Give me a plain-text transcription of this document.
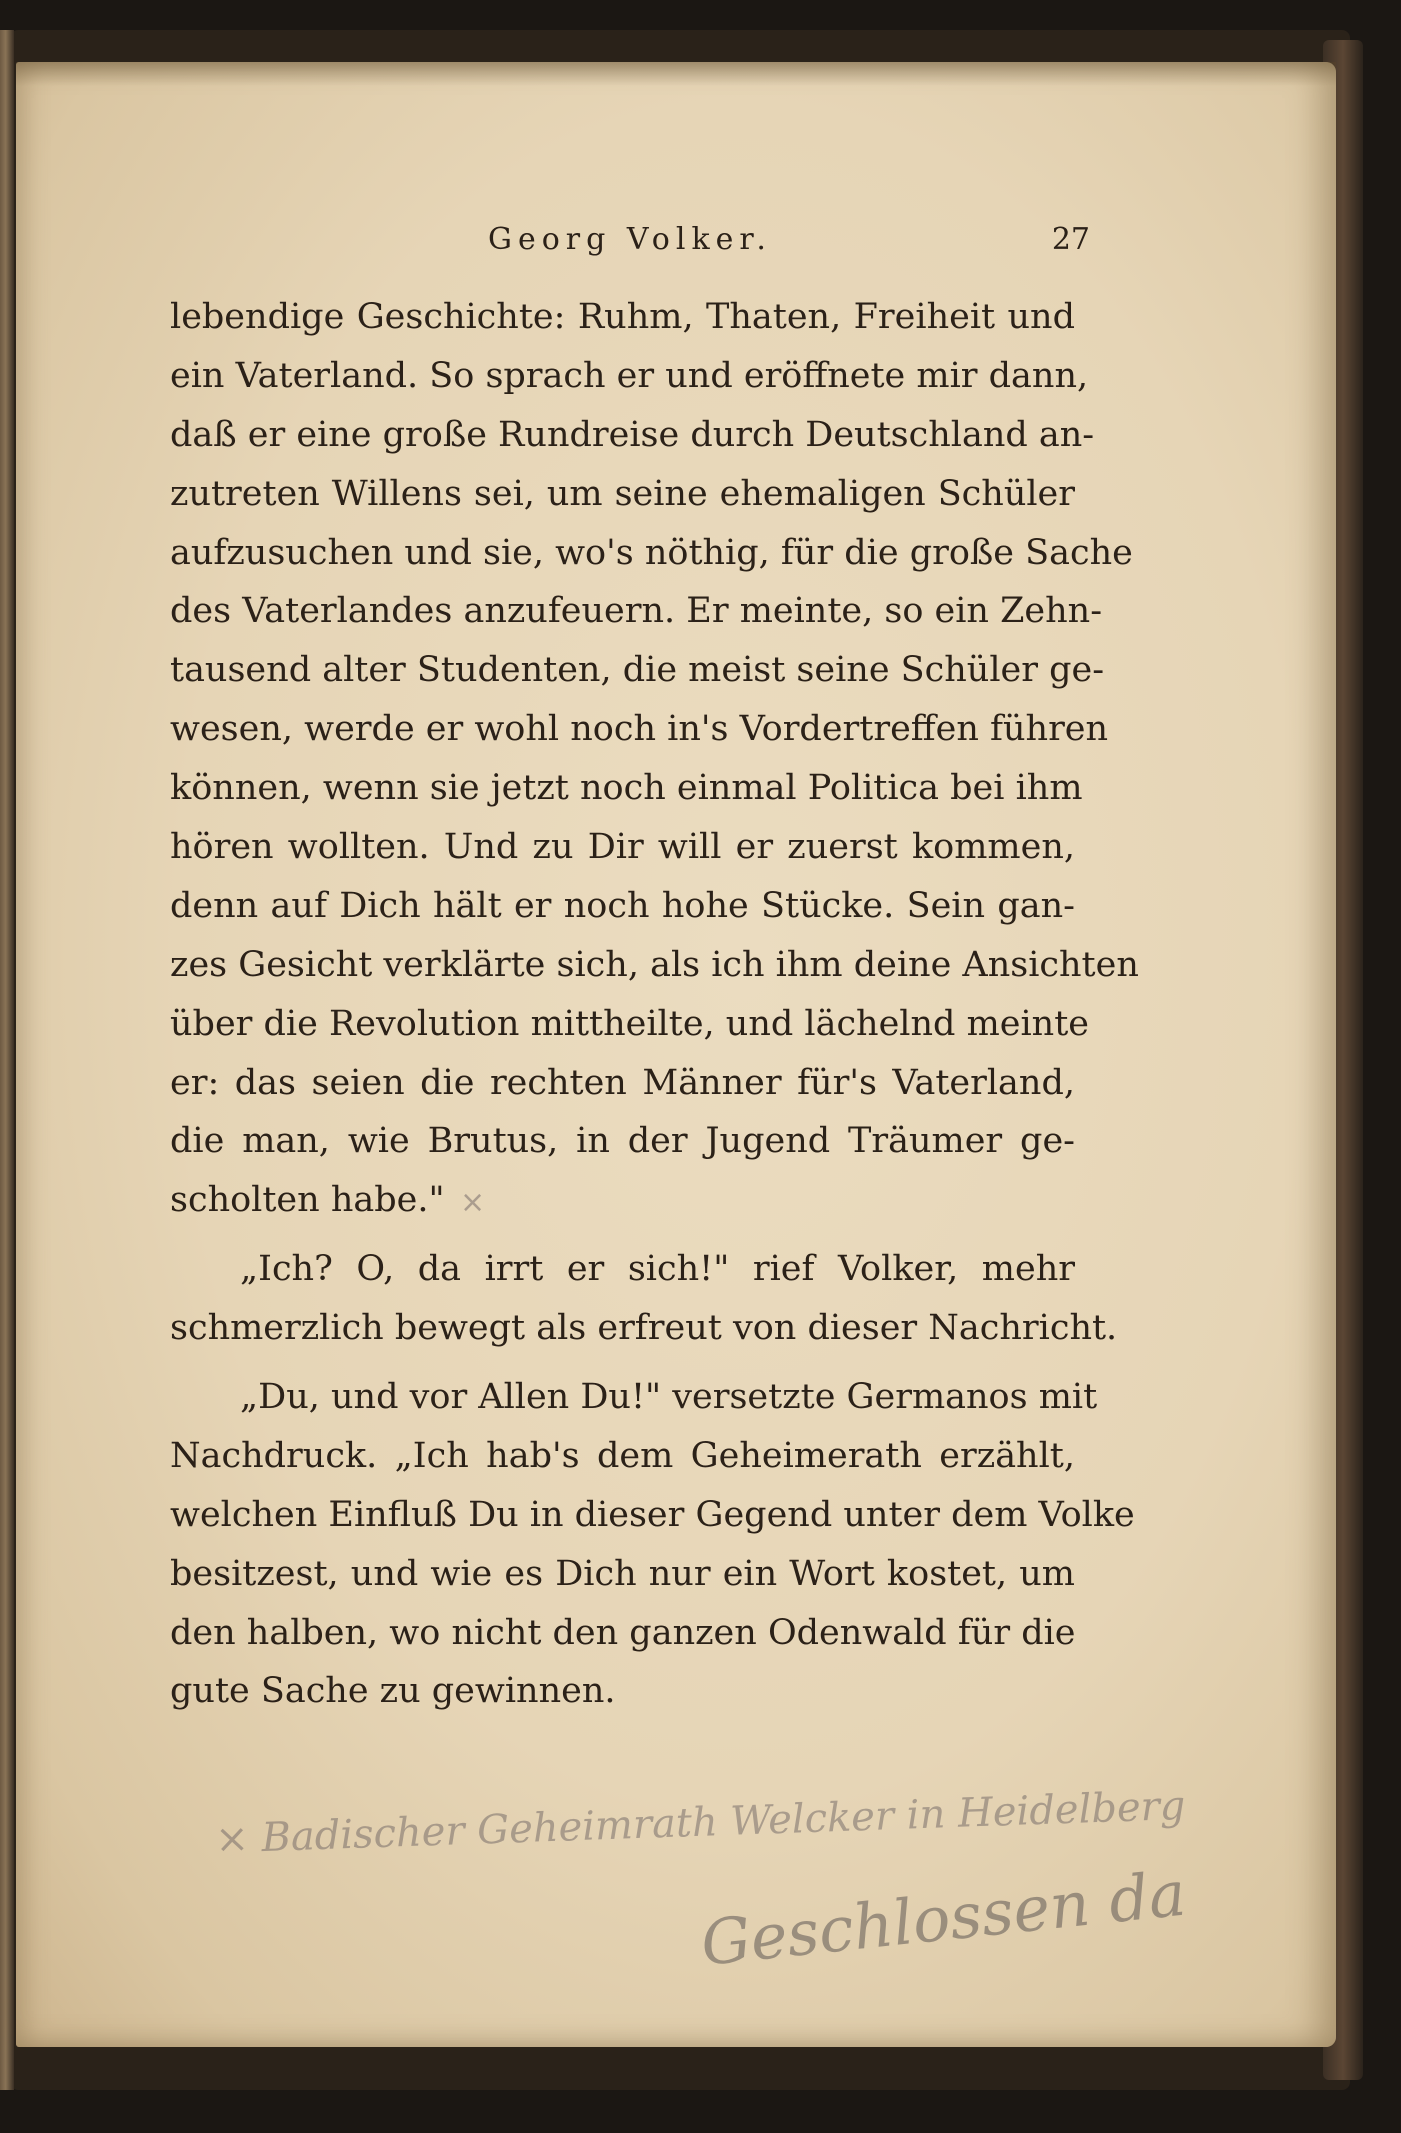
Georg Volker.	27
lebendige Geschichte: Ruhm, Thaten, Freiheit und
ein Vaterland. So sprach er und eröffnete mir dann,
daß er eine große Rundreise durch Deutschland an-
zutreten Willens sei, um seine ehemaligen Schüler
aufzusuchen und sie, wo's nöthig, für die große Sache
des Vaterlandes anzufeuern. Er meinte, so ein Zehn-
tausend alter Studenten, die meist seine Schüler ge-
wesen, werde er wohl noch in's Vordertreffen führen
können, wenn sie jetzt noch einmal Politica bei ihm
hören wollten. Und zu Dir will er zuerst kommen,
denn auf Dich hält er noch hohe Stücke. Sein gan-
zes Gesicht verklärte sich, als ich ihm deine Ansichten
über die Revolution mittheilte, und lächelnd meinte
er: das seien die rechten Männer für's Vaterland,
die man, wie Brutus, in der Jugend Träumer ge-
scholten habe."
„Ich? O, da irrt er sich!" rief Volker, mehr
schmerzlich bewegt als erfreut von dieser Nachricht.
„Du, und vor Allen Du!" versetzte Germanos mit
Nachdruck. „Ich hab's dem Geheimerath erzählt,
welchen Einfluß Du in dieser Gegend unter dem Volke
besitzest, und wie es Dich nur ein Wort kostet, um
den halben, wo nicht den ganzen Odenwald für die
gute Sache zu gewinnen.
×
× Badischer Geheimrath Welcker in Heidelberg
Geschlossen da
